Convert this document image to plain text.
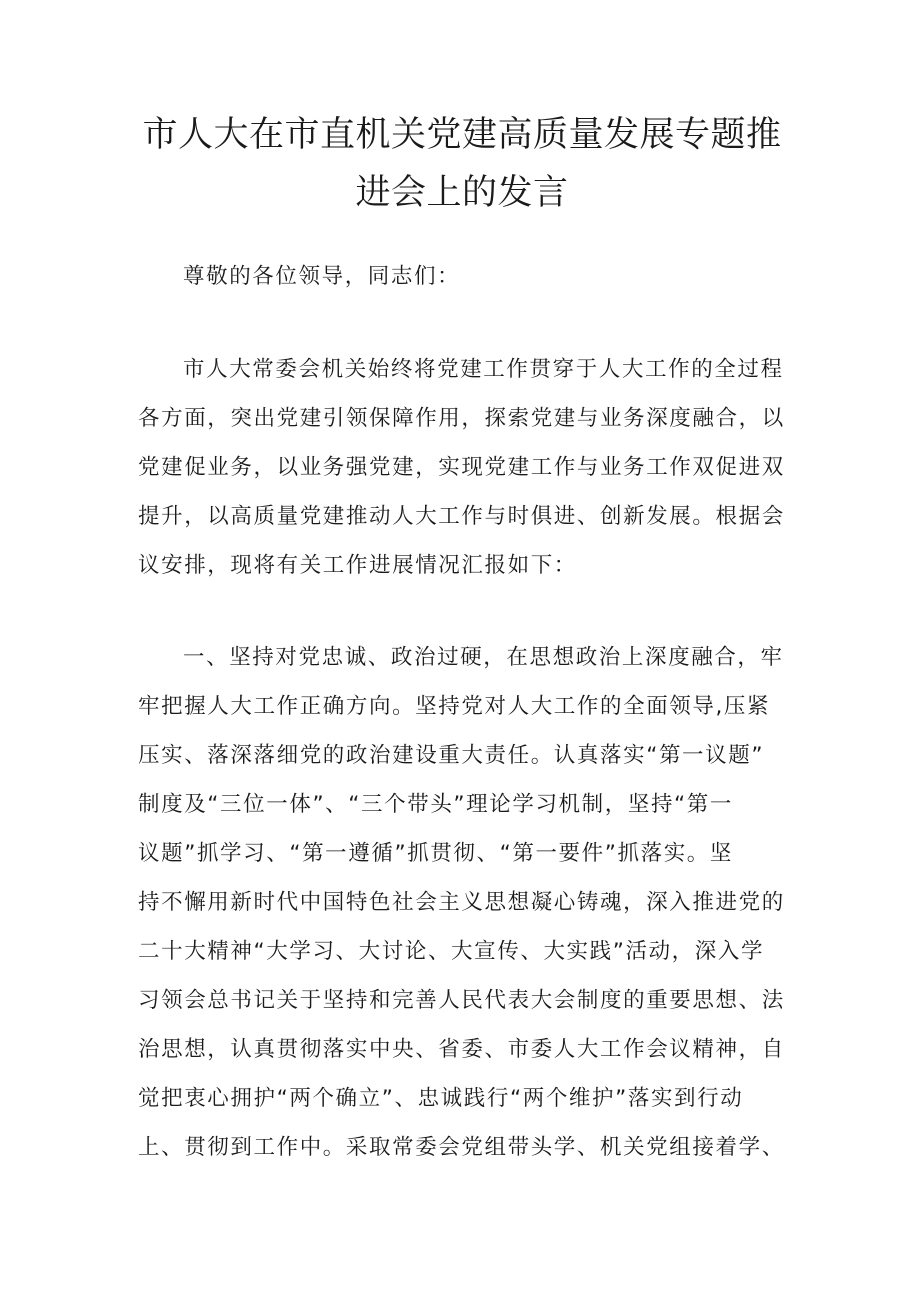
市人大在市直机关党建高质量发展专题推
进会上的发言
尊敬的各位领导，同志们：
市人大常委会机关始终将党建工作贯穿于人大工作的全过程
各方面，突出党建引领保障作用，探索党建与业务深度融合，以
党建促业务，以业务强党建，实现党建工作与业务工作双促进双
提升，以高质量党建推动人大工作与时俱进、创新发展。根据会
议安排，现将有关工作进展情况汇报如下：
一、坚持对党忠诚、政治过硬，在思想政治上深度融合，牢
牢把握人大工作正确方向。坚持党对人大工作的全面领导,压紧
压实、落深落细党的政治建设重大责任。认真落实“第一议题”
制度及“三位一体”、“三个带头”理论学习机制，坚持“第一
议题”抓学习、“第一遵循”抓贯彻、“第一要件”抓落实。坚
持不懈用新时代中国特色社会主义思想凝心铸魂，深入推进党的
二十大精神“大学习、大讨论、大宣传、大实践”活动，深入学
习领会总书记关于坚持和完善人民代表大会制度的重要思想、法
治思想，认真贯彻落实中央、省委、市委人大工作会议精神，自
觉把衷心拥护“两个确立”、忠诚践行“两个维护”落实到行动
上、贯彻到工作中。采取常委会党组带头学、机关党组接着学、
